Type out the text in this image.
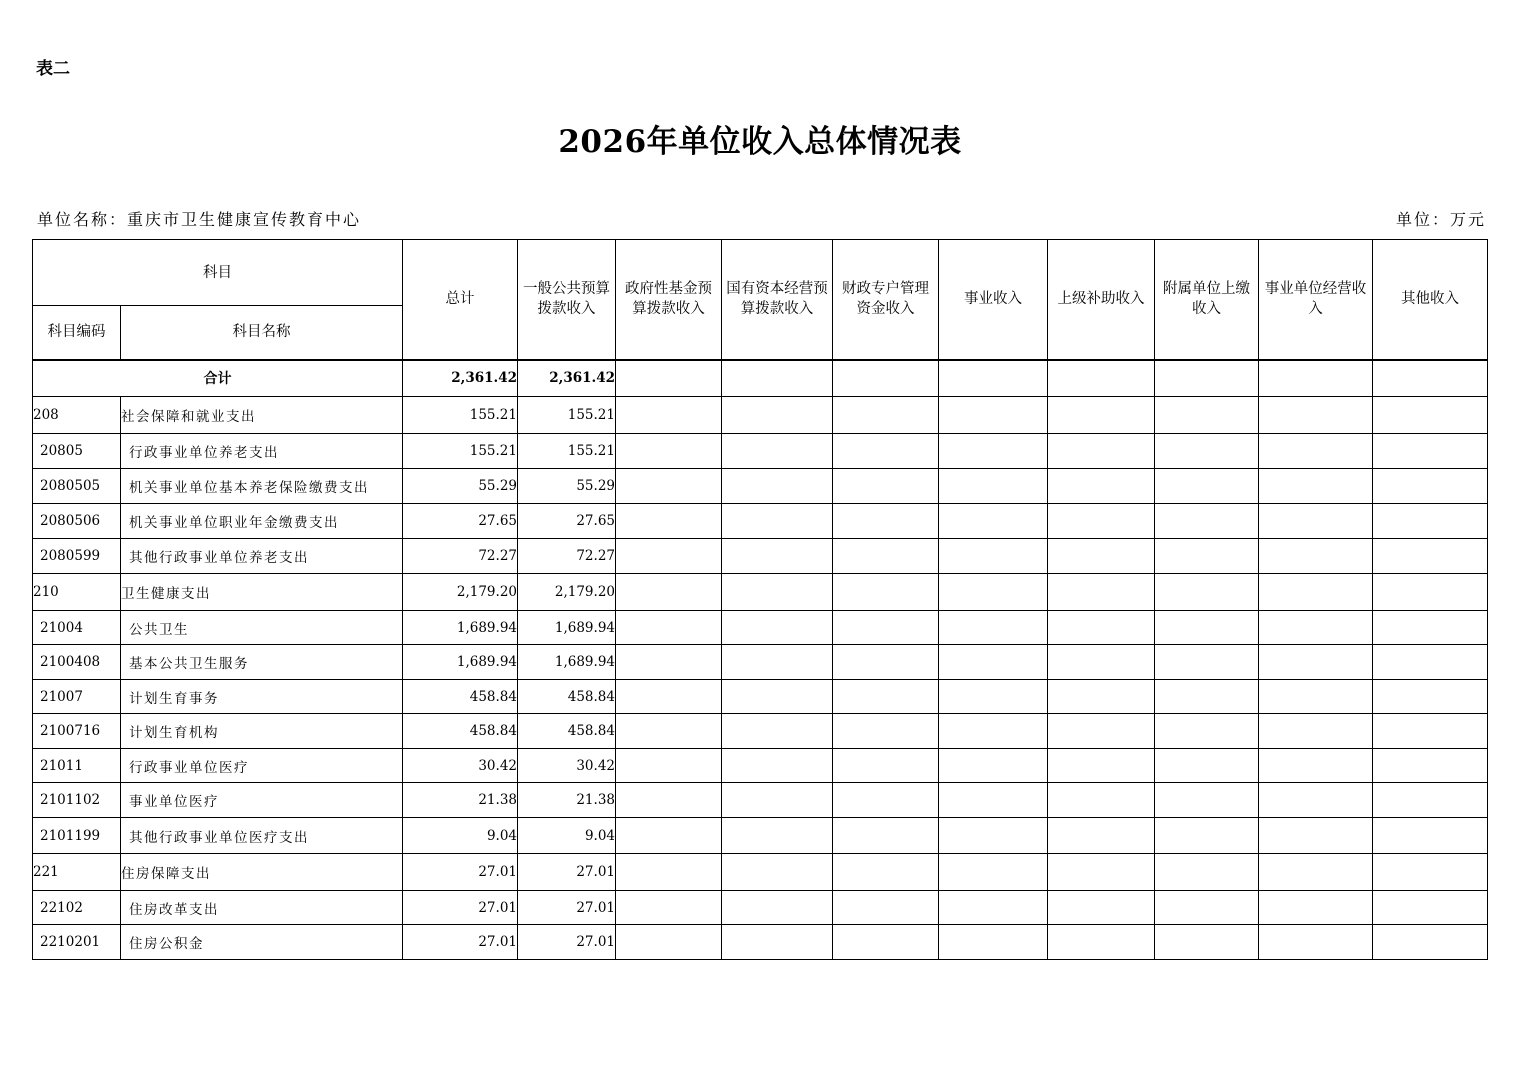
表二
2026年单位收入总体情况表
单位名称：重庆市卫生健康宣传教育中心	单位：万元
科目		总计	一般公共预算拨款收入	政府性基金预算拨款收入	国有资本经营预算拨款收入	财政专户管理资金收入	事业收入	上级补助收入	附属单位上缴收入	事业单位经营收入	其他收入
科目编码	科目名称										
合计		2,361.42	2,361.42								
208	社会保障和就业支出	155.21	155.21								
20805	行政事业单位养老支出	155.21	155.21								
2080505	机关事业单位基本养老保险缴费支出	55.29	55.29								
2080506	机关事业单位职业年金缴费支出	27.65	27.65								
2080599	其他行政事业单位养老支出	72.27	72.27								
210	卫生健康支出	2,179.20	2,179.20								
21004	公共卫生	1,689.94	1,689.94								
2100408	基本公共卫生服务	1,689.94	1,689.94								
21007	计划生育事务	458.84	458.84								
2100716	计划生育机构	458.84	458.84								
21011	行政事业单位医疗	30.42	30.42								
2101102	事业单位医疗	21.38	21.38								
2101199	其他行政事业单位医疗支出	9.04	9.04								
221	住房保障支出	27.01	27.01								
22102	住房改革支出	27.01	27.01								
2210201	住房公积金	27.01	27.01								
